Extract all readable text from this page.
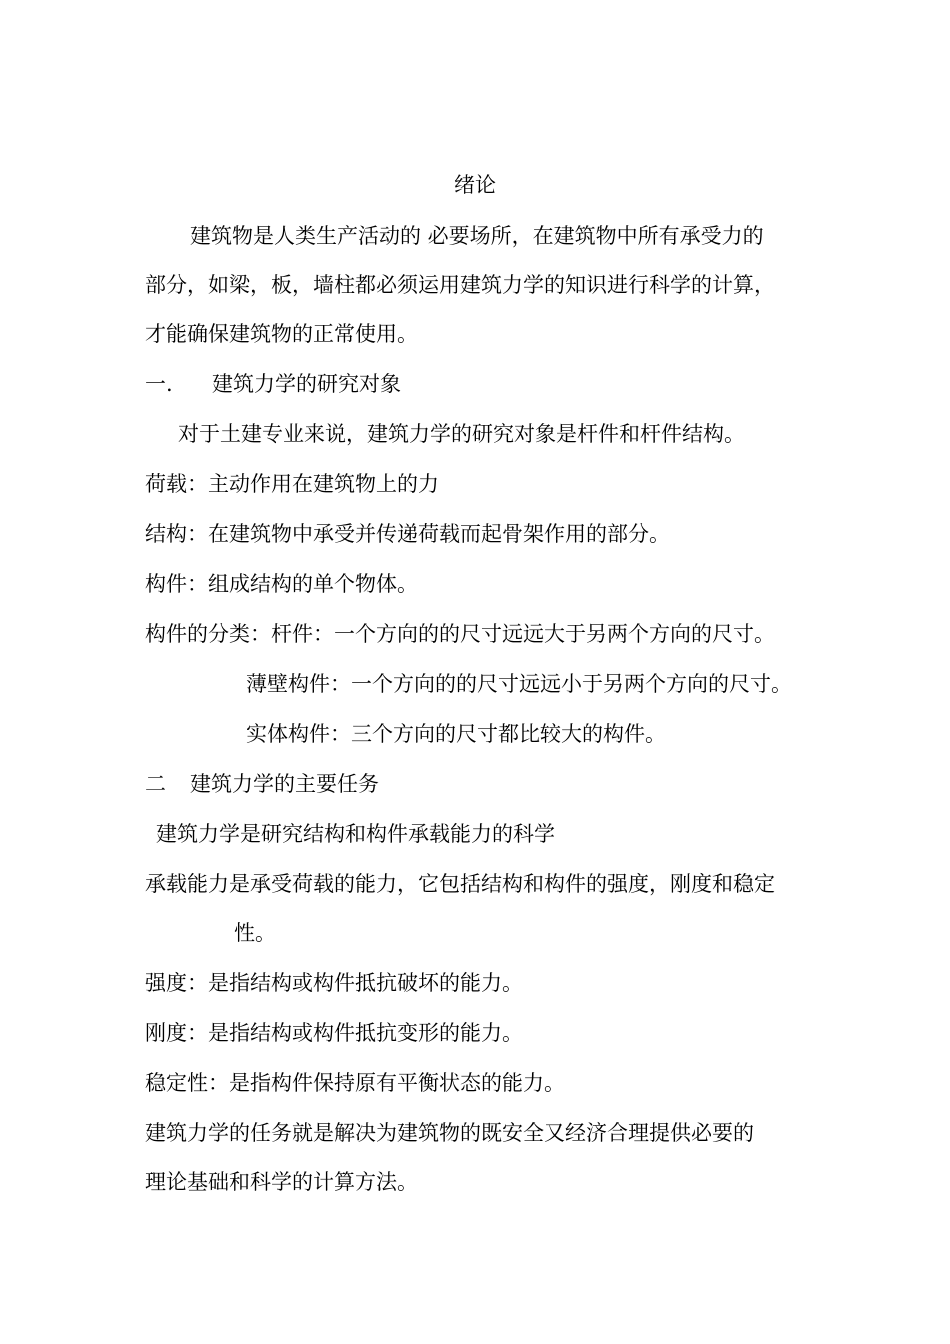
绪论
建筑物是人类生产活动的 必要场所，在建筑物中所有承受力的
部分，如梁，板，墙柱都必须运用建筑力学的知识进行科学的计算，
才能确保建筑物的正常使用。
一. 建筑力学的研究对象
对于土建专业来说，建筑力学的研究对象是杆件和杆件结构。
荷载：主动作用在建筑物上的力
结构：在建筑物中承受并传递荷载而起骨架作用的部分。
构件：组成结构的单个物体。
构件的分类：杆件：一个方向的的尺寸远远大于另两个方向的尺寸。
薄壁构件：一个方向的的尺寸远远小于另两个方向的尺寸。
实体构件：三个方向的尺寸都比较大的构件。
二 建筑力学的主要任务
建筑力学是研究结构和构件承载能力的科学
承载能力是承受荷载的能力，它包括结构和构件的强度，刚度和稳定
性。
强度：是指结构或构件抵抗破坏的能力。
刚度：是指结构或构件抵抗变形的能力。
稳定性：是指构件保持原有平衡状态的能力。
建筑力学的任务就是解决为建筑物的既安全又经济合理提供必要的
理论基础和科学的计算方法。
